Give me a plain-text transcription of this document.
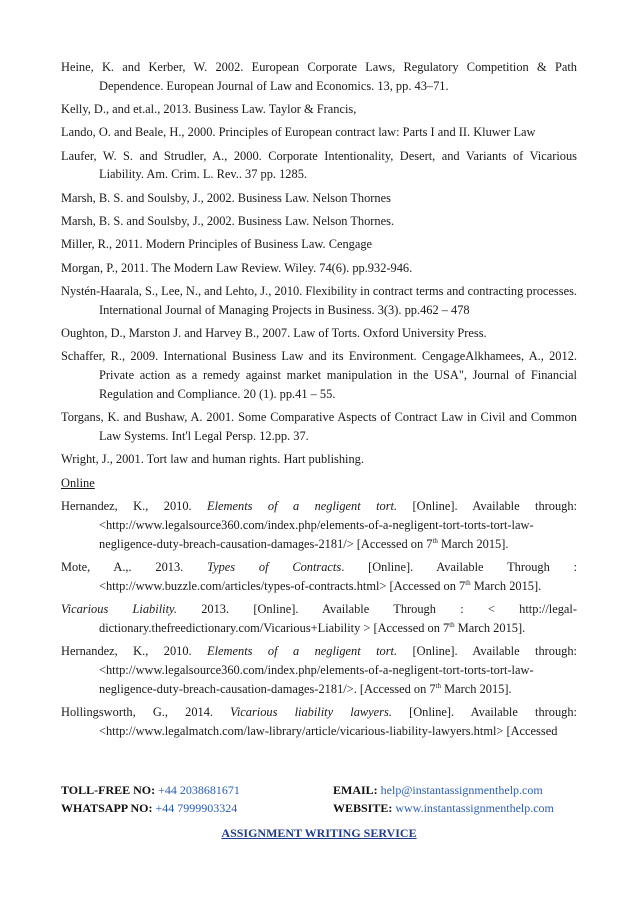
Heine, K. and Kerber, W. 2002. European Corporate Laws, Regulatory Competition & Path Dependence. European Journal of Law and Economics. 13, pp. 43–71.

Kelly, D., and et.al., 2013. Business Law. Taylor & Francis,

Lando, O. and Beale, H., 2000. Principles of European contract law: Parts I and II. Kluwer Law

Laufer, W. S. and Strudler, A., 2000. Corporate Intentionality, Desert, and Variants of Vicarious Liability. Am. Crim. L. Rev.. 37 pp. 1285.

Marsh, B. S. and Soulsby, J., 2002. Business Law. Nelson Thornes

Marsh, B. S. and Soulsby, J., 2002. Business Law. Nelson Thornes.

Miller, R., 2011. Modern Principles of Business Law. Cengage

Morgan, P., 2011. The Modern Law Review. Wiley. 74(6). pp.932-946.

Nystén-Haarala, S., Lee, N., and Lehto, J., 2010. Flexibility in contract terms and contracting processes. International Journal of Managing Projects in Business. 3(3). pp.462 – 478

Oughton, D., Marston J. and Harvey B., 2007. Law of Torts. Oxford University Press.

Schaffer, R., 2009. International Business Law and its Environment. CengageAlkhamees, A., 2012. Private action as a remedy against market manipulation in the USA", Journal of Financial Regulation and Compliance. 20 (1). pp.41 – 55.

Torgans, K. and Bushaw, A. 2001. Some Comparative Aspects of Contract Law in Civil and Common Law Systems. Int'l Legal Persp. 12.pp. 37.

Wright, J., 2001. Tort law and human rights. Hart publishing.

Online

Hernandez, K., 2010. Elements of a negligent tort. [Online]. Available through: <http://www.legalsource360.com/index.php/elements-of-a-negligent-tort-torts-tort-law-negligence-duty-breach-causation-damages-2181/> [Accessed on 7th March 2015].

Mote, A.,. 2013. Types of Contracts. [Online]. Available Through : <http://www.buzzle.com/articles/types-of-contracts.html> [Accessed on 7th March 2015].

Vicarious Liability. 2013. [Online]. Available Through : < http://legal-dictionary.thefreedictionary.com/Vicarious+Liability > [Accessed on 7th March 2015].

Hernandez, K., 2010. Elements of a negligent tort. [Online]. Available through: <http://www.legalsource360.com/index.php/elements-of-a-negligent-tort-torts-tort-law-negligence-duty-breach-causation-damages-2181/>. [Accessed on 7th March 2015].

Hollingsworth, G., 2014. Vicarious liability lawyers. [Online]. Available through: <http://www.legalmatch.com/law-library/article/vicarious-liability-lawyers.html> [Accessed

TOLL-FREE NO: +44 2038681671	EMAIL: help@instantassignmenthelp.com
WHATSAPP NO: +44 7999903324	WEBSITE: www.instantassignmenthelp.com
ASSIGNMENT WRITING SERVICE
